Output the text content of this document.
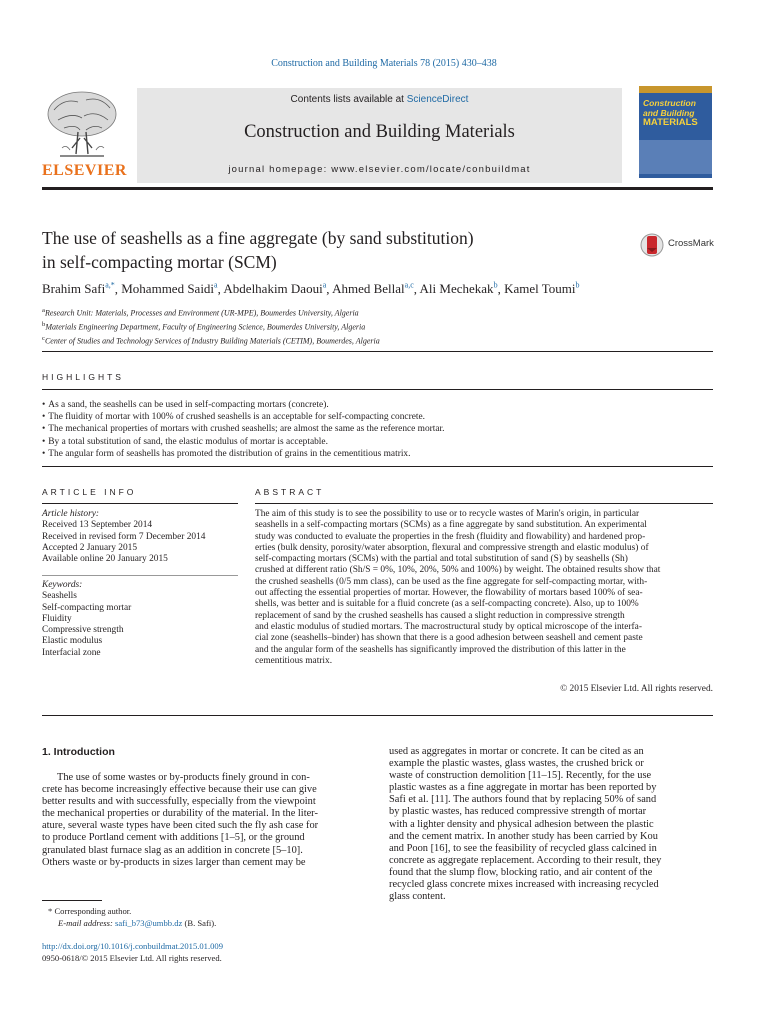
Construction and Building Materials 78 (2015) 430–438
ELSEVIER
Contents lists available at ScienceDirect
Construction and Building Materials
journal homepage: www.elsevier.com/locate/conbuildmat
Construction
and Building
MATERIALS
The use of seashells as a fine aggregate (by sand substitution)
in self-compacting mortar (SCM)
CrossMark
Brahim Safi$^{a,*}$, Mohammed Saidi$^a$, Abdelhakim Daoui$^a$, Ahmed Bellal$^{a,c}$, Ali Mechekak$^b$, Kamel Toumi$^b$
$^a$Research Unit: Materials, Processes and Environment (UR-MPE), Boumerdes University, Algeria
$^b$Materials Engineering Department, Faculty of Engineering Science, Boumerdes University, Algeria
$^c$Center of Studies and Technology Services of Industry Building Materials (CETIM), Boumerdes, Algeria
HIGHLIGHTS
• As a sand, the seashells can be used in self-compacting mortars (concrete).
• The fluidity of mortar with 100% of crushed seashells is an acceptable for self-compacting concrete.
• The mechanical properties of mortars with crushed seashells; are almost the same as the reference mortar.
• By a total substitution of sand, the elastic modulus of mortar is acceptable.
• The angular form of seashells has promoted the distribution of grains in the cementitious matrix.
ARTICLE INFO
Article history:
Received 13 September 2014
Received in revised form 7 December 2014
Accepted 2 January 2015
Available online 20 January 2015
Keywords:
Seashells
Self-compacting mortar
Fluidity
Compressive strength
Elastic modulus
Interfacial zone
ABSTRACT
The aim of this study is to see the possibility to use or to recycle wastes of Marin's origin, in particular
seashells in a self-compacting mortars (SCMs) as a fine aggregate by sand substitution. An experimental
study was conducted to evaluate the properties in the fresh (fluidity and flowability) and hardened prop-
erties (bulk density, porosity/water absorption, flexural and compressive strength and elastic modulus) of
self-compacting mortars (SCMs) with the partial and total substitution of sand (S) by seashells (Sh)
crushed at different ratio (Sh/S = 0%, 10%, 20%, 50% and 100%) by weight. The obtained results show that
the crushed seashells (0/5 mm class), can be used as the fine aggregate for self-compacting mortar, with-
out affecting the essential properties of mortar. However, the flowability of mortars based 100% of sea-
shells, was better and is suitable for a fluid concrete (as a self-compacting concrete). Also, up to 100%
replacement of sand by the crushed seashells has caused a slight reduction in compressive strength
and elastic modulus of studied mortars. The macrostructural study by optical microscope of the interfa-
cial zone (seashells–binder) has shown that there is a good adhesion between seashell and cement paste
and the angular form of the seashells has significantly improved the distribution of this latter in the
cementitious matrix.
© 2015 Elsevier Ltd. All rights reserved.
1. Introduction
The use of some wastes or by-products finely ground in con-
crete has become increasingly effective because their use can give
better results and with successfully, especially from the viewpoint
the mechanical properties or durability of the material. In the liter-
ature, several waste types have been cited such the fly ash case for
to produce Portland cement with additions [1–5], or the ground
granulated blast furnace slag as an addition in concrete [5–10].
Others waste or by-products in sizes larger than cement may be
used as aggregates in mortar or concrete. It can be cited as an
example the plastic wastes, glass wastes, the crushed brick or
waste of construction demolition [11–15]. Recently, for the use
plastic wastes as a fine aggregate in mortar has been reported by
Safi et al. [11]. The authors found that by replacing 50% of sand
by plastic wastes, has reduced compressive strength of mortar
with a lighter density and physical adhesion between the plastic
and the cement matrix. In another study has been carried by Kou
and Poon [16], to see the feasibility of recycled glass calcined in
concrete as aggregate replacement. According to their result, they
found that the slump flow, blocking ratio, and air content of the
recycled glass concrete mixes increased with increasing recycled
glass content.
* Corresponding author.
E-mail address: safi_b73@umbb.dz (B. Safi).
http://dx.doi.org/10.1016/j.conbuildmat.2015.01.009
0950-0618/© 2015 Elsevier Ltd. All rights reserved.
